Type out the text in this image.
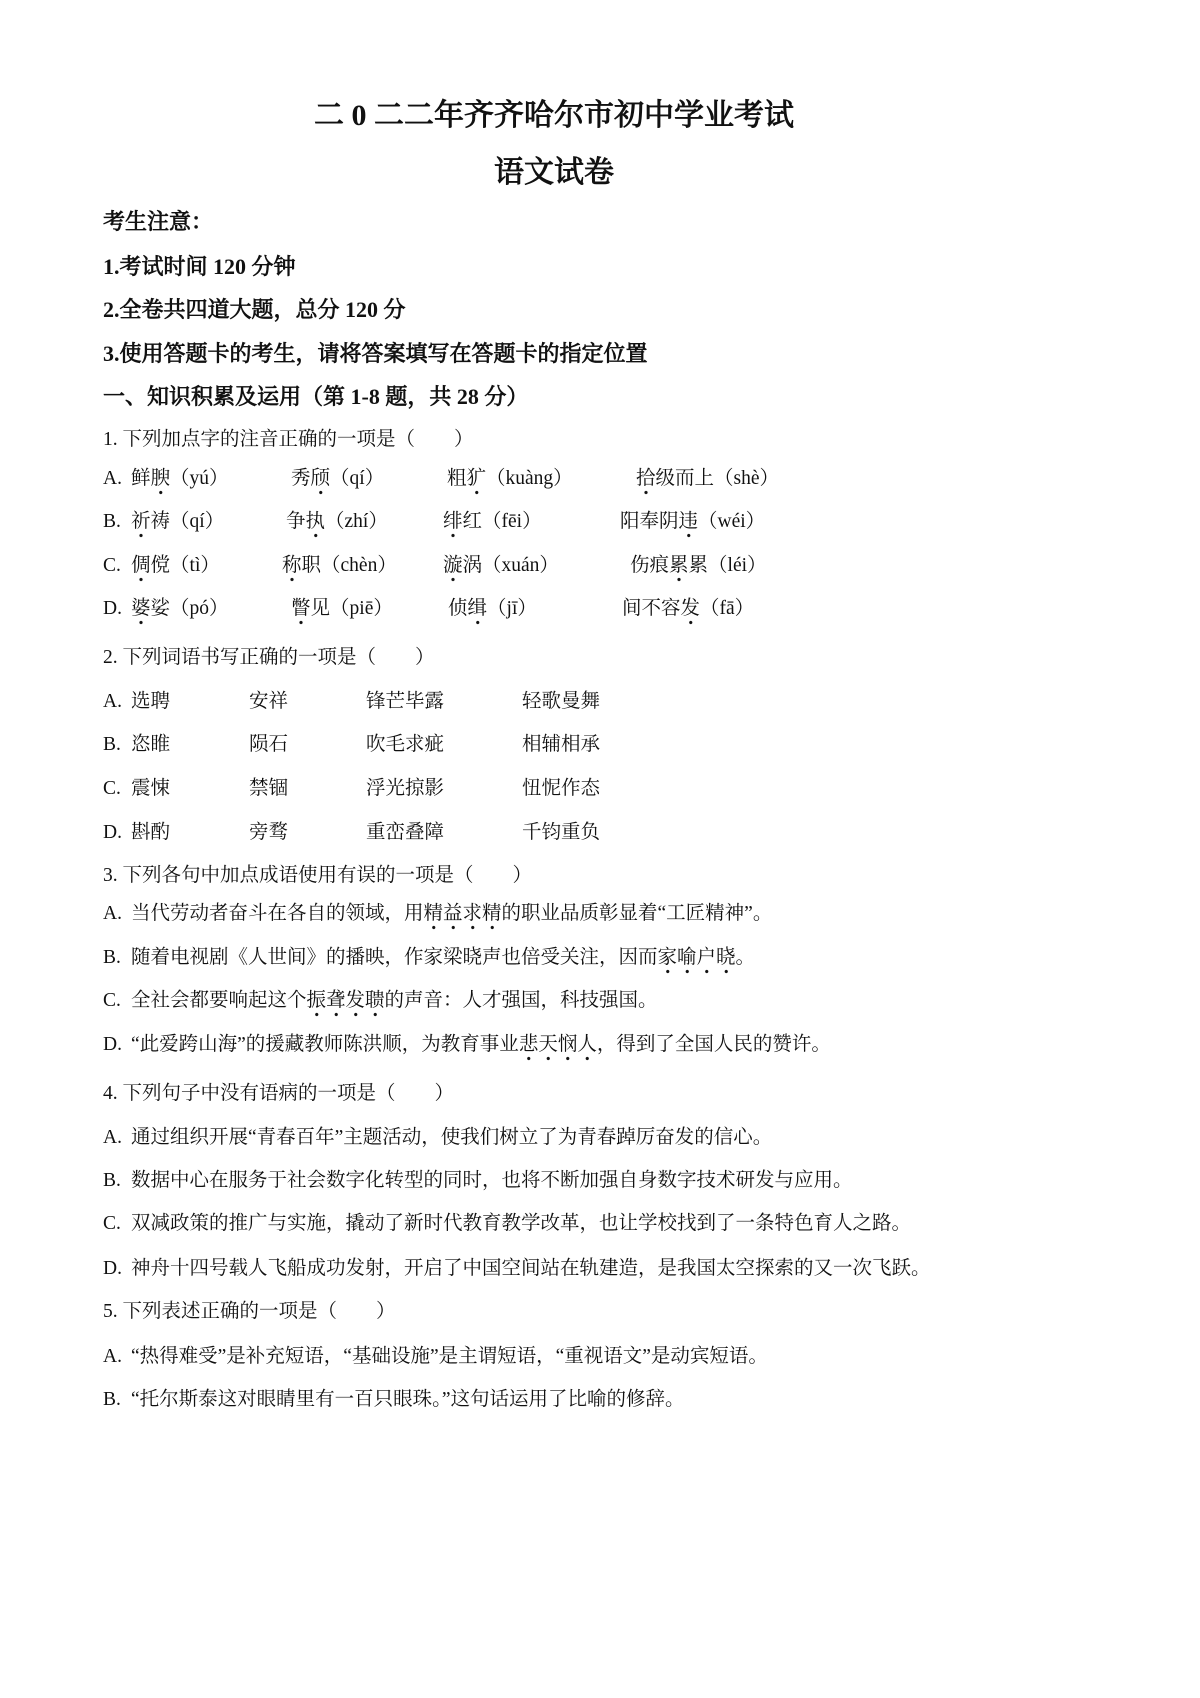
二 0 二二年齐齐哈尔市初中学业考试
语文试卷
考生注意：
1.考试时间 120 分钟
2.全卷共四道大题，总分 120 分
3.使用答题卡的考生，请将答案填写在答题卡的指定位置
一、知识积累及运用（第 1-8 题，共 28 分）
1. 下列加点字的注音正确的一项是（　　）
A. 鲜腴（yú）	秀颀（qí）	粗犷（kuàng）	拾级而上（shè）
B. 祈祷（qí）	争执（zhí）	绯红（fēi）	阳奉阴违（wéi）
C. 倜傥（tì）	称职（chèn） 漩涡（xuán）	伤痕累累（léi）
D. 婆娑（pó）	瞥见（piē）	侦缉（jī）	间不容发（fā）
2. 下列词语书写正确的一项是（　　）
A. 选聘	安祥	锋芒毕露	轻歌曼舞
B. 恣睢	陨石	吹毛求疵	相辅相承
C. 震悚	禁锢	浮光掠影	忸怩作态
D. 斟酌	旁骛	重峦叠障	千钧重负
3. 下列各句中加点成语使用有误的一项是（　　）
A. 当代劳动者奋斗在各自的领域，用精益求精的职业品质彰显着“工匠精神”。
B. 随着电视剧《人世间》的播映，作家梁晓声也倍受关注，因而家喻户晓。
C. 全社会都要响起这个振聋发聩的声音：人才强国，科技强国。
D. “此爱跨山海”的援藏教师陈洪顺，为教育事业悲天悯人，得到了全国人民的赞许。
4. 下列句子中没有语病的一项是（　　）
A. 通过组织开展“青春百年”主题活动，使我们树立了为青春踔厉奋发的信心。
B. 数据中心在服务于社会数字化转型的同时，也将不断加强自身数字技术研发与应用。
C. 双减政策的推广与实施，撬动了新时代教育教学改革，也让学校找到了一条特色育人之路。
D. 神舟十四号载人飞船成功发射，开启了中国空间站在轨建造，是我国太空探索的又一次飞跃。
5. 下列表述正确的一项是（　　）
A. “热得难受”是补充短语，“基础设施”是主谓短语，“重视语文”是动宾短语。
B. “托尔斯泰这对眼睛里有一百只眼珠。”这句话运用了比喻的修辞。
